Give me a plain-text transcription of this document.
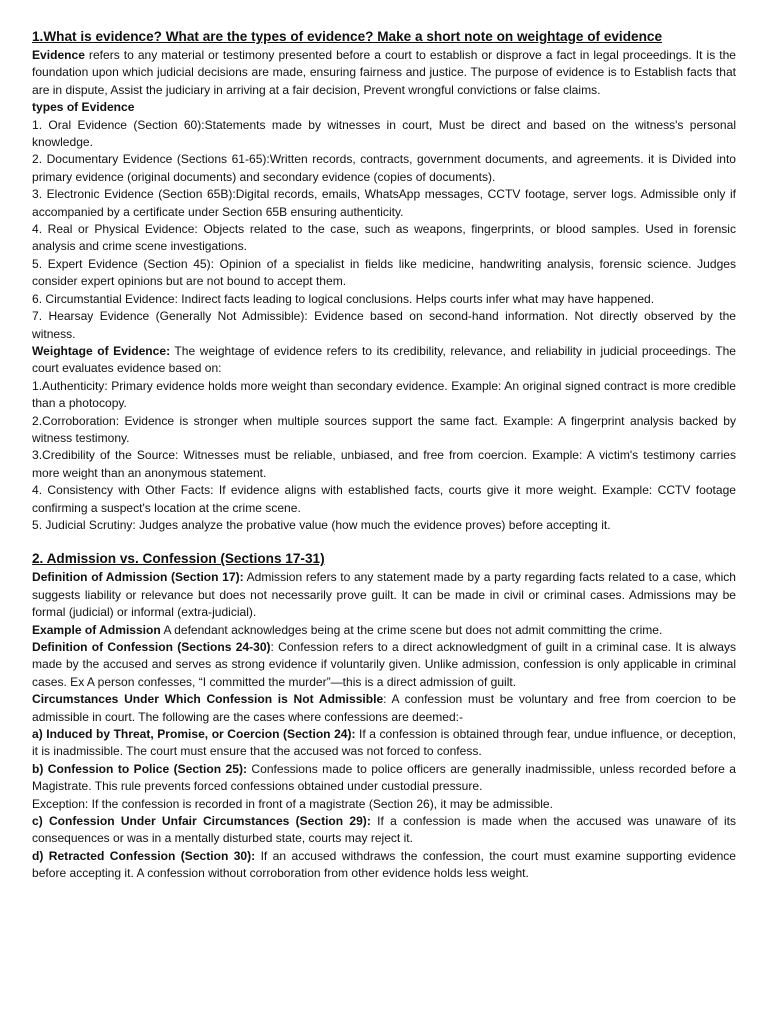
1.What is evidence? What are the types of evidence? Make a short note on weightage of evidence

Evidence refers to any material or testimony presented before a court to establish or disprove a fact in legal proceedings. It is the foundation upon which judicial decisions are made, ensuring fairness and justice. The purpose of evidence is to Establish facts that are in dispute, Assist the judiciary in arriving at a fair decision, Prevent wrongful convictions or false claims.

types of Evidence

1. Oral Evidence (Section 60):Statements made by witnesses in court, Must be direct and based on the witness's personal knowledge.

2. Documentary Evidence (Sections 61-65):Written records, contracts, government documents, and agreements. it is Divided into primary evidence (original documents) and secondary evidence (copies of documents).

3. Electronic Evidence (Section 65B):Digital records, emails, WhatsApp messages, CCTV footage, server logs. Admissible only if accompanied by a certificate under Section 65B ensuring authenticity.

4. Real or Physical Evidence: Objects related to the case, such as weapons, fingerprints, or blood samples. Used in forensic analysis and crime scene investigations.

5. Expert Evidence (Section 45): Opinion of a specialist in fields like medicine, handwriting analysis, forensic science. Judges consider expert opinions but are not bound to accept them.

6. Circumstantial Evidence: Indirect facts leading to logical conclusions. Helps courts infer what may have happened.

7. Hearsay Evidence (Generally Not Admissible): Evidence based on second-hand information. Not directly observed by the witness.

Weightage of Evidence: The weightage of evidence refers to its credibility, relevance, and reliability in judicial proceedings. The court evaluates evidence based on:

1.Authenticity: Primary evidence holds more weight than secondary evidence. Example: An original signed contract is more credible than a photocopy.

2.Corroboration: Evidence is stronger when multiple sources support the same fact. Example: A fingerprint analysis backed by witness testimony.

3.Credibility of the Source: Witnesses must be reliable, unbiased, and free from coercion. Example: A victim's testimony carries more weight than an anonymous statement.

4. Consistency with Other Facts: If evidence aligns with established facts, courts give it more weight. Example: CCTV footage confirming a suspect's location at the crime scene.

5. Judicial Scrutiny: Judges analyze the probative value (how much the evidence proves) before accepting it.

2. Admission vs. Confession (Sections 17-31)

Definition of Admission (Section 17): Admission refers to any statement made by a party regarding facts related to a case, which suggests liability or relevance but does not necessarily prove guilt. It can be made in civil or criminal cases. Admissions may be formal (judicial) or informal (extra-judicial).

Example of Admission A defendant acknowledges being at the crime scene but does not admit committing the crime.

Definition of Confession (Sections 24-30): Confession refers to a direct acknowledgment of guilt in a criminal case. It is always made by the accused and serves as strong evidence if voluntarily given. Unlike admission, confession is only applicable in criminal cases. Ex A person confesses, “I committed the murder”—this is a direct admission of guilt.

Circumstances Under Which Confession is Not Admissible: A confession must be voluntary and free from coercion to be admissible in court. The following are the cases where confessions are deemed:-

a) Induced by Threat, Promise, or Coercion (Section 24): If a confession is obtained through fear, undue influence, or deception, it is inadmissible. The court must ensure that the accused was not forced to confess.

b) Confession to Police (Section 25): Confessions made to police officers are generally inadmissible, unless recorded before a Magistrate. This rule prevents forced confessions obtained under custodial pressure.

Exception: If the confession is recorded in front of a magistrate (Section 26), it may be admissible.

c) Confession Under Unfair Circumstances (Section 29): If a confession is made when the accused was unaware of its consequences or was in a mentally disturbed state, courts may reject it.

d) Retracted Confession (Section 30): If an accused withdraws the confession, the court must examine supporting evidence before accepting it. A confession without corroboration from other evidence holds less weight.
